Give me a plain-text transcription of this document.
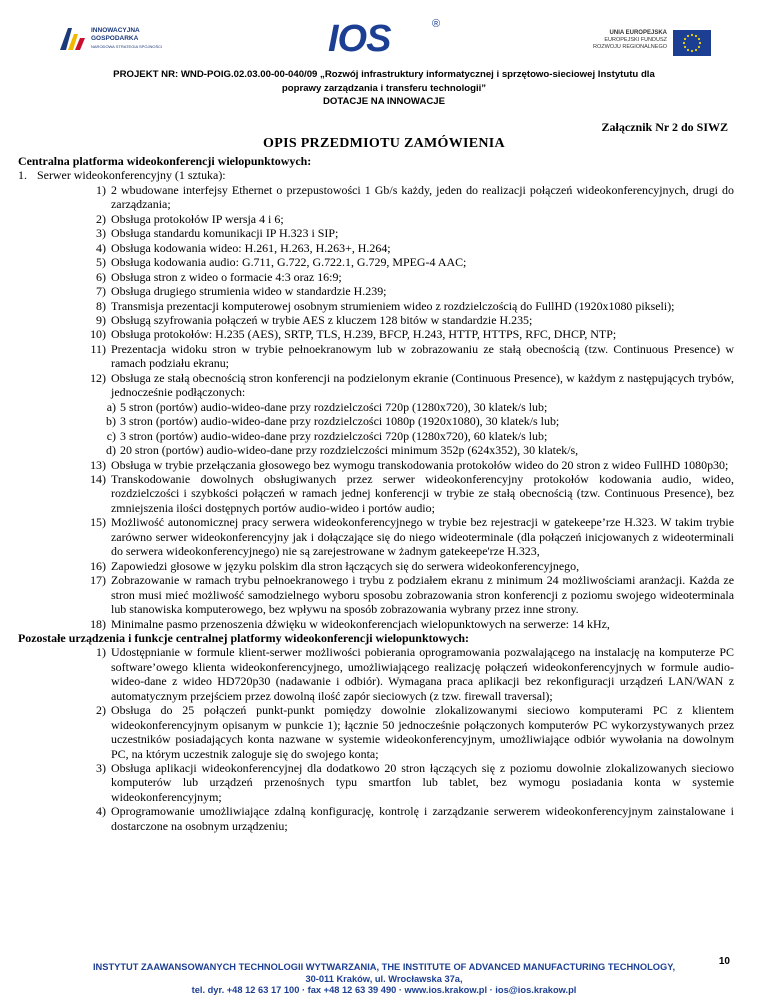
INNOWACYJNA
GOSPODARKA
NARODOWA STRATEGIA SPÓJNOŚCI	IOS	®
UNIA EUROPEJSKA
EUROPEJSKI FUNDUSZ
ROZWOJU REGIONALNEGO
PROJEKT NR: WND-POIG.02.03.00-00-040/09 „Rozwój infrastruktury informatycznej i sprzętowo-sieciowej Instytutu dla
poprawy zarządzania i transferu technologii”
DOTACJE NA INNOWACJE
Załącznik Nr 2 do SIWZ
OPIS PRZEDMIOTU ZAMÓWIENIA
Centralna platforma wideokonferencji wielopunktowych:
1. Serwer wideokonferencyjny (1 sztuka):
1) 2 wbudowane interfejsy Ethernet o przepustowości 1 Gb/s każdy, jeden do realizacji połączeń wideokonferencyjnych, drugi do zarządzania;
2) Obsługa protokołów IP wersja 4 i 6;
3) Obsługa standardu komunikacji IP H.323 i SIP;
4) Obsługa kodowania wideo: H.261, H.263, H.263+, H.264;
5) Obsługa kodowania audio: G.711, G.722, G.722.1, G.729, MPEG-4 AAC;
6) Obsługa stron z wideo o formacie 4:3 oraz 16:9;
7) Obsługa drugiego strumienia wideo w standardzie H.239;
8) Transmisja prezentacji komputerowej osobnym strumieniem wideo z rozdzielczością do FullHD (1920x1080 pikseli);
9) Obsługą szyfrowania połączeń w trybie AES z kluczem 128 bitów w standardzie H.235;
10) Obsługa protokołów: H.235 (AES), SRTP, TLS, H.239, BFCP, H.243, HTTP, HTTPS, RFC, DHCP, NTP;
11) Prezentacja widoku stron w trybie pełnoekranowym lub w zobrazowaniu ze stałą obecnością (tzw. Continuous Presence) w ramach podziału ekranu;
12) Obsługa ze stałą obecnością stron konferencji na podzielonym ekranie (Continuous Presence), w każdym z następujących trybów, jednocześnie podłączonych:
a) 5 stron (portów) audio-wideo-dane przy rozdzielczości 720p (1280x720), 30 klatek/s lub;
b) 3 stron (portów) audio-wideo-dane przy rozdzielczości 1080p (1920x1080), 30 klatek/s lub;
c) 3 stron (portów) audio-wideo-dane przy rozdzielczości 720p (1280x720), 60 klatek/s lub;
d) 20 stron (portów) audio-wideo-dane przy rozdzielczości minimum 352p (624x352), 30 klatek/s,
13) Obsługa w trybie przełączania głosowego bez wymogu transkodowania protokołów wideo do 20 stron z wideo FullHD 1080p30;
14) Transkodowanie dowolnych obsługiwanych przez serwer wideokonferencyjny protokołów kodowania audio, wideo, rozdzielczości i szybkości połączeń w ramach jednej konferencji w trybie ze stałą obecnością (tzw. Continuous Presence), bez zmniejszenia ilości dostępnych portów audio-wideo i portów audio;
15) Możliwość autonomicznej pracy serwera wideokonferencyjnego w trybie bez rejestracji w gatekeepe’rze H.323. W takim trybie zarówno serwer wideokonferencyjny jak i dołączające się do niego wideoterminale (dla połączeń inicjowanych z wideoterminali do serwera wideokonferencyjnego) nie są zarejestrowane w żadnym gatekeepe'rze H.323,
16) Zapowiedzi głosowe w języku polskim dla stron łączących się do serwera wideokonferencyjnego,
17) Zobrazowanie w ramach trybu pełnoekranowego i trybu z podziałem ekranu z minimum 24 możliwościami aranżacji. Każda ze stron musi mieć możliwość samodzielnego wyboru sposobu zobrazowania stron konferencji z poziomu swojego wideoterminala lub stanowiska komputerowego, bez wpływu na sposób zobrazowania wybrany przez inne strony.
18) Minimalne pasmo przenoszenia dźwięku w wideokonferencjach wielopunktowych na serwerze: 14 kHz,
Pozostałe urządzenia i funkcje centralnej platformy wideokonferencji wielopunktowych:
1) Udostępnianie w formule klient-serwer możliwości pobierania oprogramowania pozwalającego na instalację na komputerze PC software’owego klienta wideokonferencyjnego, umożliwiającego realizację połączeń wideokonferencyjnych w formule audio-wideo-dane z wideo HD720p30 (nadawanie i odbiór). Wymagana praca aplikacji bez rekonfiguracji urządzeń LAN/WAN z automatycznym przejściem przez dowolną ilość zapór sieciowych (z tzw. firewall traversal);
2) Obsługa do 25 połączeń punkt-punkt pomiędzy dowolnie zlokalizowanymi sieciowo komputerami PC z klientem wideokonferencyjnym opisanym w punkcie 1); łącznie 50 jednocześnie połączonych komputerów PC wykorzystywanych przez uczestników posiadających konta nazwane w systemie wideokonferencyjnym, umożliwiające odbiór wywołania na dowolnym PC, na którym uczestnik zaloguje się do swojego konta;
3) Obsługa aplikacji wideokonferencyjnej dla dodatkowo 20 stron łączących się z poziomu dowolnie zlokalizowanych sieciowo komputerów lub urządzeń przenośnych typu smartfon lub tablet, bez wymogu posiadania konta w systemie wideokonferencyjnym;
4) Oprogramowanie umożliwiające zdalną konfigurację, kontrolę i zarządzanie serwerem wideokonferencyjnym zainstalowane i dostarczone na osobnym urządzeniu;
10
INSTYTUT ZAAWANSOWANYCH TECHNOLOGII WYTWARZANIA, THE INSTITUTE OF ADVANCED MANUFACTURING TECHNOLOGY,
30-011 Kraków, ul. Wrocławska 37a,
tel. dyr. +48 12 63 17 100 · fax +48 12 63 39 490 · www.ios.krakow.pl · ios@ios.krakow.pl
